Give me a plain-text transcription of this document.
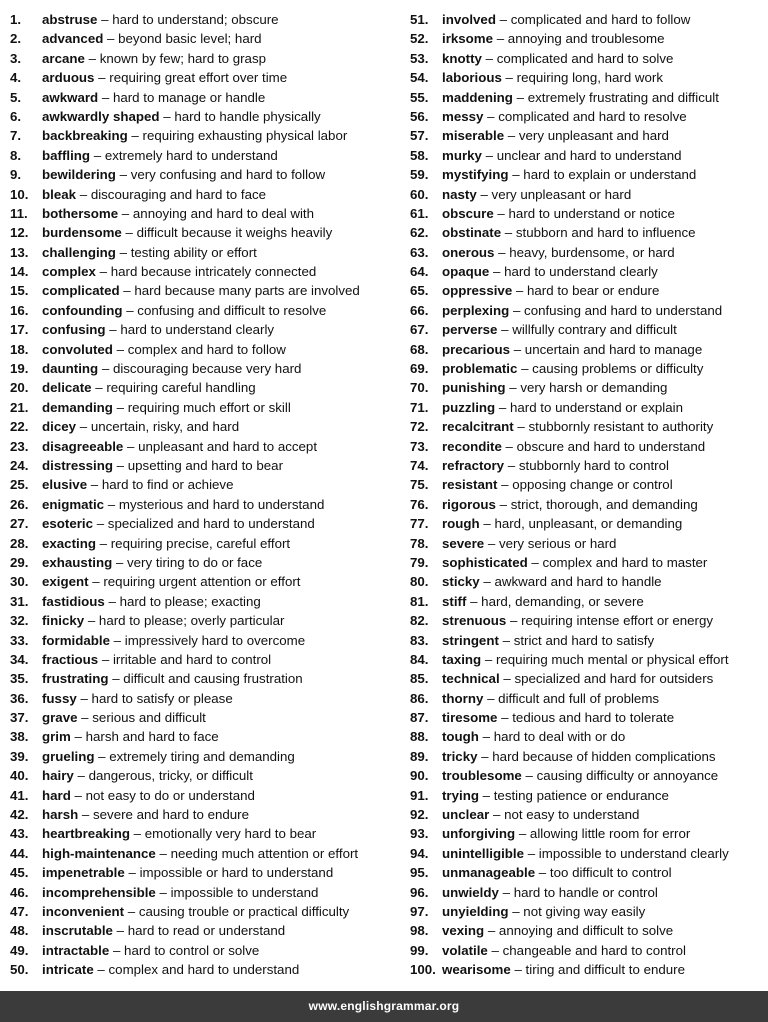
1. abstruse – hard to understand; obscure
2. advanced – beyond basic level; hard
3. arcane – known by few; hard to grasp
4. arduous – requiring great effort over time
5. awkward – hard to manage or handle
6. awkwardly shaped – hard to handle physically
7. backbreaking – requiring exhausting physical labor
8. baffling – extremely hard to understand
9. bewildering – very confusing and hard to follow
10. bleak – discouraging and hard to face
11. bothersome – annoying and hard to deal with
12. burdensome – difficult because it weighs heavily
13. challenging – testing ability or effort
14. complex – hard because intricately connected
15. complicated – hard because many parts are involved
16. confounding – confusing and difficult to resolve
17. confusing – hard to understand clearly
18. convoluted – complex and hard to follow
19. daunting – discouraging because very hard
20. delicate – requiring careful handling
21. demanding – requiring much effort or skill
22. dicey – uncertain, risky, and hard
23. disagreeable – unpleasant and hard to accept
24. distressing – upsetting and hard to bear
25. elusive – hard to find or achieve
26. enigmatic – mysterious and hard to understand
27. esoteric – specialized and hard to understand
28. exacting – requiring precise, careful effort
29. exhausting – very tiring to do or face
30. exigent – requiring urgent attention or effort
31. fastidious – hard to please; exacting
32. finicky – hard to please; overly particular
33. formidable – impressively hard to overcome
34. fractious – irritable and hard to control
35. frustrating – difficult and causing frustration
36. fussy – hard to satisfy or please
37. grave – serious and difficult
38. grim – harsh and hard to face
39. grueling – extremely tiring and demanding
40. hairy – dangerous, tricky, or difficult
41. hard – not easy to do or understand
42. harsh – severe and hard to endure
43. heartbreaking – emotionally very hard to bear
44. high-maintenance – needing much attention or effort
45. impenetrable – impossible or hard to understand
46. incomprehensible – impossible to understand
47. inconvenient – causing trouble or practical difficulty
48. inscrutable – hard to read or understand
49. intractable – hard to control or solve
50. intricate – complex and hard to understand
51. involved – complicated and hard to follow
52. irksome – annoying and troublesome
53. knotty – complicated and hard to solve
54. laborious – requiring long, hard work
55. maddening – extremely frustrating and difficult
56. messy – complicated and hard to resolve
57. miserable – very unpleasant and hard
58. murky – unclear and hard to understand
59. mystifying – hard to explain or understand
60. nasty – very unpleasant or hard
61. obscure – hard to understand or notice
62. obstinate – stubborn and hard to influence
63. onerous – heavy, burdensome, or hard
64. opaque – hard to understand clearly
65. oppressive – hard to bear or endure
66. perplexing – confusing and hard to understand
67. perverse – willfully contrary and difficult
68. precarious – uncertain and hard to manage
69. problematic – causing problems or difficulty
70. punishing – very harsh or demanding
71. puzzling – hard to understand or explain
72. recalcitrant – stubbornly resistant to authority
73. recondite – obscure and hard to understand
74. refractory – stubbornly hard to control
75. resistant – opposing change or control
76. rigorous – strict, thorough, and demanding
77. rough – hard, unpleasant, or demanding
78. severe – very serious or hard
79. sophisticated – complex and hard to master
80. sticky – awkward and hard to handle
81. stiff – hard, demanding, or severe
82. strenuous – requiring intense effort or energy
83. stringent – strict and hard to satisfy
84. taxing – requiring much mental or physical effort
85. technical – specialized and hard for outsiders
86. thorny – difficult and full of problems
87. tiresome – tedious and hard to tolerate
88. tough – hard to deal with or do
89. tricky – hard because of hidden complications
90. troublesome – causing difficulty or annoyance
91. trying – testing patience or endurance
92. unclear – not easy to understand
93. unforgiving – allowing little room for error
94. unintelligible – impossible to understand clearly
95. unmanageable – too difficult to control
96. unwieldy – hard to handle or control
97. unyielding – not giving way easily
98. vexing – annoying and difficult to solve
99. volatile – changeable and hard to control
100. wearisome – tiring and difficult to endure
www.englishgrammar.org
